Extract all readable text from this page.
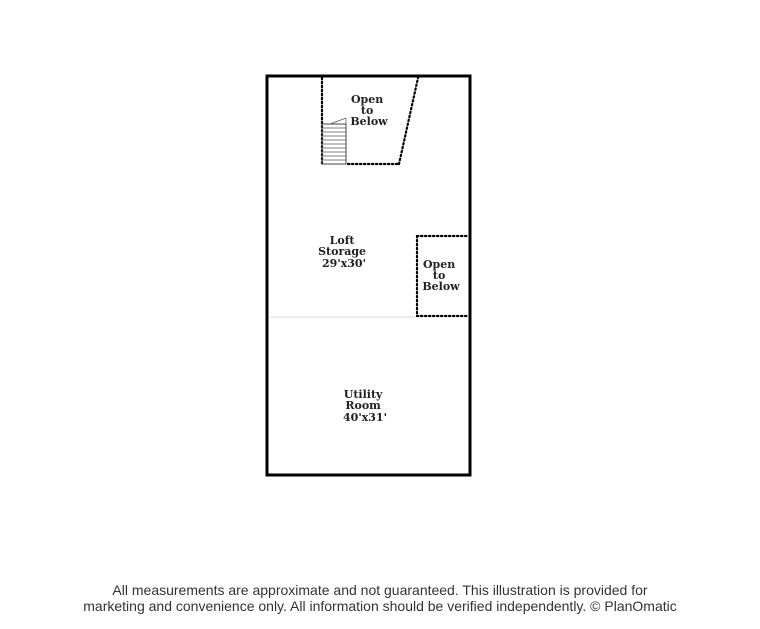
Open to Below
Loft Storage 29'x30'	Open to Below
Utility Room 40'x31'
All measurements are approximate and not guaranteed. This illustration is provided for
marketing and convenience only. All information should be verified independently. © PlanOmatic
